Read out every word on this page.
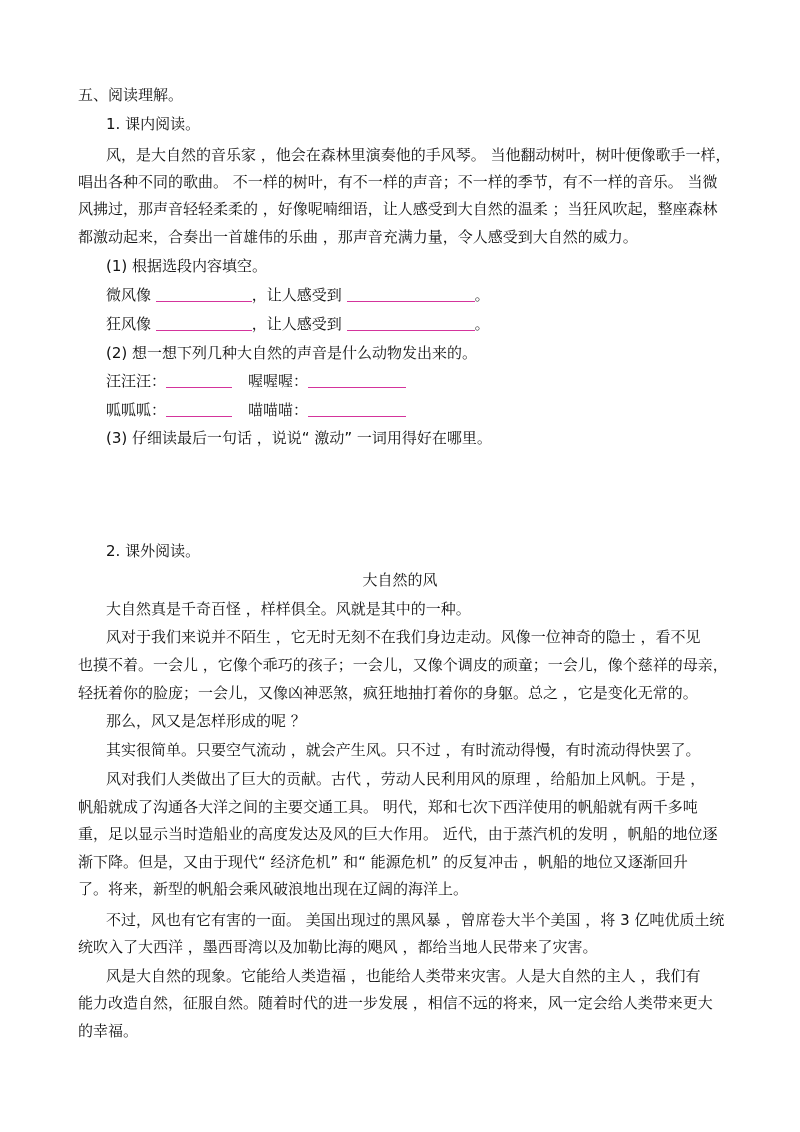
五、阅读理解。
1. 课内阅读。
风，是大自然的音乐家 ，他会在森林里演奏他的手风琴。 当他翻动树叶，树叶便像歌手一样，
唱出各种不同的歌曲。 不一样的树叶，有不一样的声音；不一样的季节，有不一样的音乐。 当微
风拂过，那声音轻轻柔柔的 ，好像呢喃细语，让人感受到大自然的温柔 ；当狂风吹起，整座森林
都激动起来，合奏出一首雄伟的乐曲 ，那声音充满力量，令人感受到大自然的威力。
(1) 根据选段内容填空。
微风像	，让人感受到	。
狂风像	，让人感受到	。
(2) 想一想下列几种大自然的声音是什么动物发出来的。
汪汪汪：	喔喔喔：
呱呱呱：	喵喵喵：
(3) 仔细读最后一句话 ，说说“ 激动” 一词用得好在哪里。
2. 课外阅读。
大自然的风
大自然真是千奇百怪 ，样样俱全。风就是其中的一种。
风对于我们来说并不陌生 ，它无时无刻不在我们身边走动。风像一位神奇的隐士 ，看不见
也摸不着。一会儿 ，它像个乖巧的孩子；一会儿，又像个调皮的顽童；一会儿，像个慈祥的母亲，
轻抚着你的脸庞；一会儿，又像凶神恶煞，疯狂地抽打着你的身躯。总之 ，它是变化无常的。
那么，风又是怎样形成的呢 ？
其实很简单。只要空气流动 ，就会产生风。只不过 ，有时流动得慢，有时流动得快罢了。
风对我们人类做出了巨大的贡献。古代 ，劳动人民利用风的原理 ，给船加上风帆。于是 ，
帆船就成了沟通各大洋之间的主要交通工具。 明代，郑和七次下西洋使用的帆船就有两千多吨
重，足以显示当时造船业的高度发达及风的巨大作用。 近代，由于蒸汽机的发明 ，帆船的地位逐
渐下降。但是，又由于现代“ 经济危机” 和“ 能源危机” 的反复冲击 ，帆船的地位又逐渐回升
了。将来，新型的帆船会乘风破浪地出现在辽阔的海洋上。
不过，风也有它有害的一面。 美国出现过的黑风暴 ，曾席卷大半个美国 ，将 3 亿吨优质土统
统吹入了大西洋 ，墨西哥湾以及加勒比海的飓风 ，都给当地人民带来了灾害。
风是大自然的现象。它能给人类造福 ，也能给人类带来灾害。人是大自然的主人 ，我们有
能力改造自然，征服自然。随着时代的进一步发展 ，相信不远的将来，风一定会给人类带来更大
的幸福。
